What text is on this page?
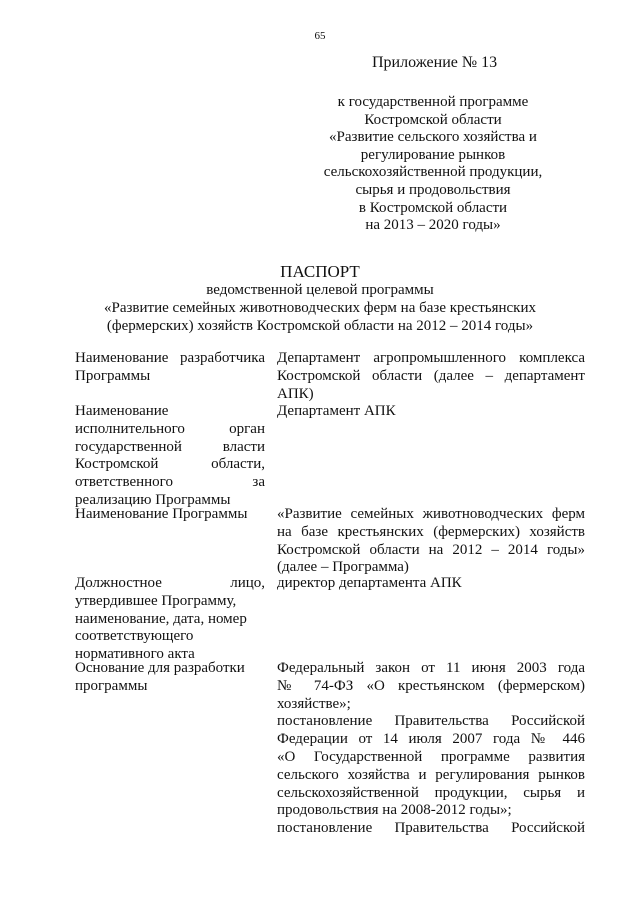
65
Приложение № 13
к государственной программе
Костромской области
«Развитие сельского хозяйства и
регулирование рынков
сельскохозяйственной продукции,
сырья и продовольствия
в Костромской области
на 2013 – 2020 годы»
ПАСПОРТ
ведомственной целевой программы
«Развитие семейных животноводческих ферм на базе крестьянских
(фермерских) хозяйств Костромской области на 2012 – 2014 годы»
Наименование разработчика
Программы
Департамент агропромышленного комплекса
Костромской области (далее – департамент
АПК)
Наименование
исполнительного орган
государственной власти
Костромской области,
ответственного за
реализацию Программы
Департамент АПК
Наименование Программы	«Развитие семейных животноводческих ферм
на базе крестьянских (фермерских) хозяйств
Костромской области на 2012 – 2014 годы»
(далее – Программа)
Должностное лицо,
утвердившее Программу,
наименование, дата, номер
соответствующего
нормативного акта
директор департамента АПК
Основание для разработки
программы
Федеральный закон от 11 июня 2003 года
№ 74-ФЗ «О крестьянском (фермерском)
хозяйстве»;
постановление Правительства Российской
Федерации от 14 июля 2007 года № 446
«О Государственной программе развития
сельского хозяйства и регулирования рынков
сельскохозяйственной продукции, сырья и
продовольствия на 2008-2012 годы»;
постановление Правительства Российской
